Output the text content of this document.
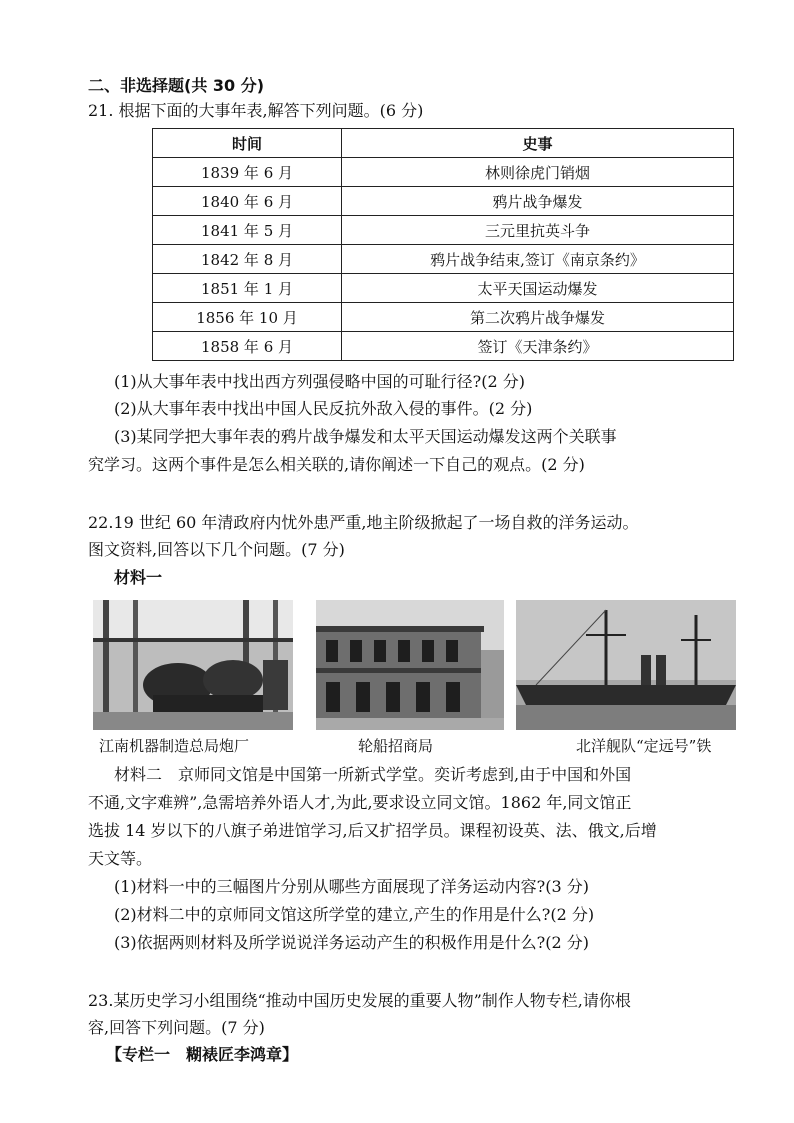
二、非选择题(共 30 分)
21. 根据下面的大事年表,解答下列问题。(6 分)
时间	史事
1839 年 6 月	林则徐虎门销烟
1840 年 6 月	鸦片战争爆发
1841 年 5 月	三元里抗英斗争
1842 年 8 月	鸦片战争结束,签订《南京条约》
1851 年 1 月	太平天国运动爆发
1856 年 10 月	第二次鸦片战争爆发
1858 年 6 月	签订《天津条约》
(1)从大事年表中找出西方列强侵略中国的可耻行径?(2 分)
(2)从大事年表中找出中国人民反抗外敌入侵的事件。(2 分)
(3)某同学把大事年表的鸦片战争爆发和太平天国运动爆发这两个关联事
究学习。这两个事件是怎么相关联的,请你阐述一下自己的观点。(2 分)
22.19 世纪 60 年清政府内忧外患严重,地主阶级掀起了一场自救的洋务运动。
图文资料,回答以下几个问题。(7 分)
材料一
江南机器制造总局炮厂	轮船招商局	北洋舰队“定远号”铁
材料二　京师同文馆是中国第一所新式学堂。奕䜣考虑到,由于中国和外国
不通,文字难辨”,急需培养外语人才,为此,要求设立同文馆。1862 年,同文馆正
选拔 14 岁以下的八旗子弟进馆学习,后又扩招学员。课程初设英、法、俄文,后增
天文等。
(1)材料一中的三幅图片分别从哪些方面展现了洋务运动内容?(3 分)
(2)材料二中的京师同文馆这所学堂的建立,产生的作用是什么?(2 分)
(3)依据两则材料及所学说说洋务运动产生的积极作用是什么?(2 分)
23.某历史学习小组围绕“推动中国历史发展的重要人物”制作人物专栏,请你根
容,回答下列问题。(7 分)
【专栏一　糊裱匠李鸿章】
